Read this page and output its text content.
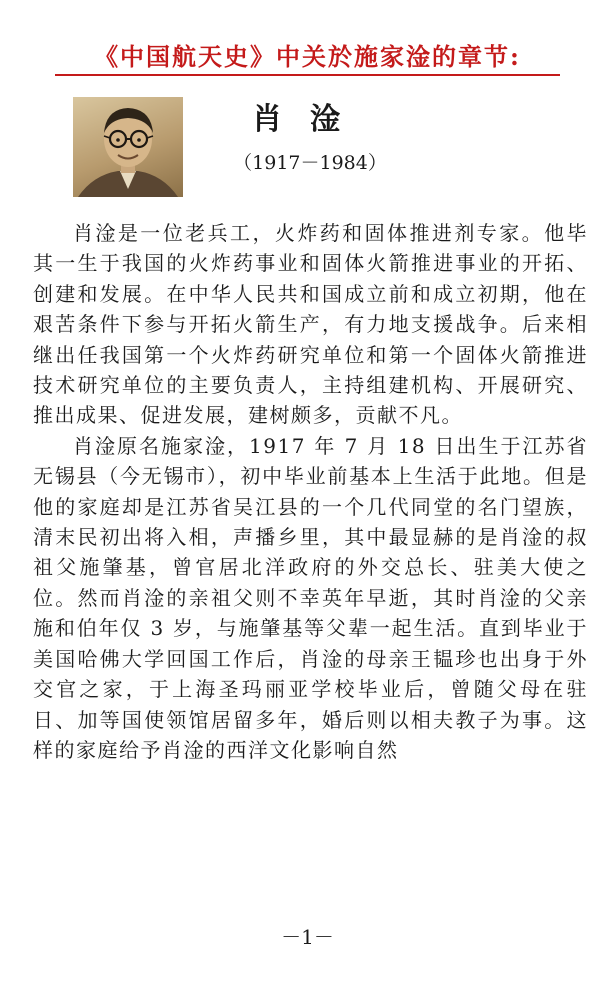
《中国航天史》中关於施家淦的章节:
肖淦
（1917－1984）

肖淦是一位老兵工，火炸药和固体推进剂专家。他毕其一生于我国的火炸药事业和固体火箭推进事业的开拓、创建和发展。在中华人民共和国成立前和成立初期，他在艰苦条件下参与开拓火箭生产，有力地支援战争。后来相继出任我国第一个火炸药研究单位和第一个固体火箭推进技术研究单位的主要负责人，主持组建机构、开展研究、推出成果、促进发展，建树颇多，贡献不凡。

肖淦原名施家淦，1917 年 7 月 18 日出生于江苏省无锡县（今无锡市），初中毕业前基本上生活于此地。但是他的家庭却是江苏省吴江县的一个几代同堂的名门望族，清末民初出将入相，声播乡里，其中最显赫的是肖淦的叔祖父施肇基，曾官居北洋政府的外交总长、驻美大使之位。然而肖淦的亲祖父则不幸英年早逝，其时肖淦的父亲施和伯年仅 3 岁，与施肇基等父辈一起生活。直到毕业于美国哈佛大学回国工作后，肖淦的母亲王韫珍也出身于外交官之家，于上海圣玛丽亚学校毕业后，曾随父母在驻日、加等国使领馆居留多年，婚后则以相夫教子为事。这样的家庭给予肖淦的西洋文化影响自然

－1－
